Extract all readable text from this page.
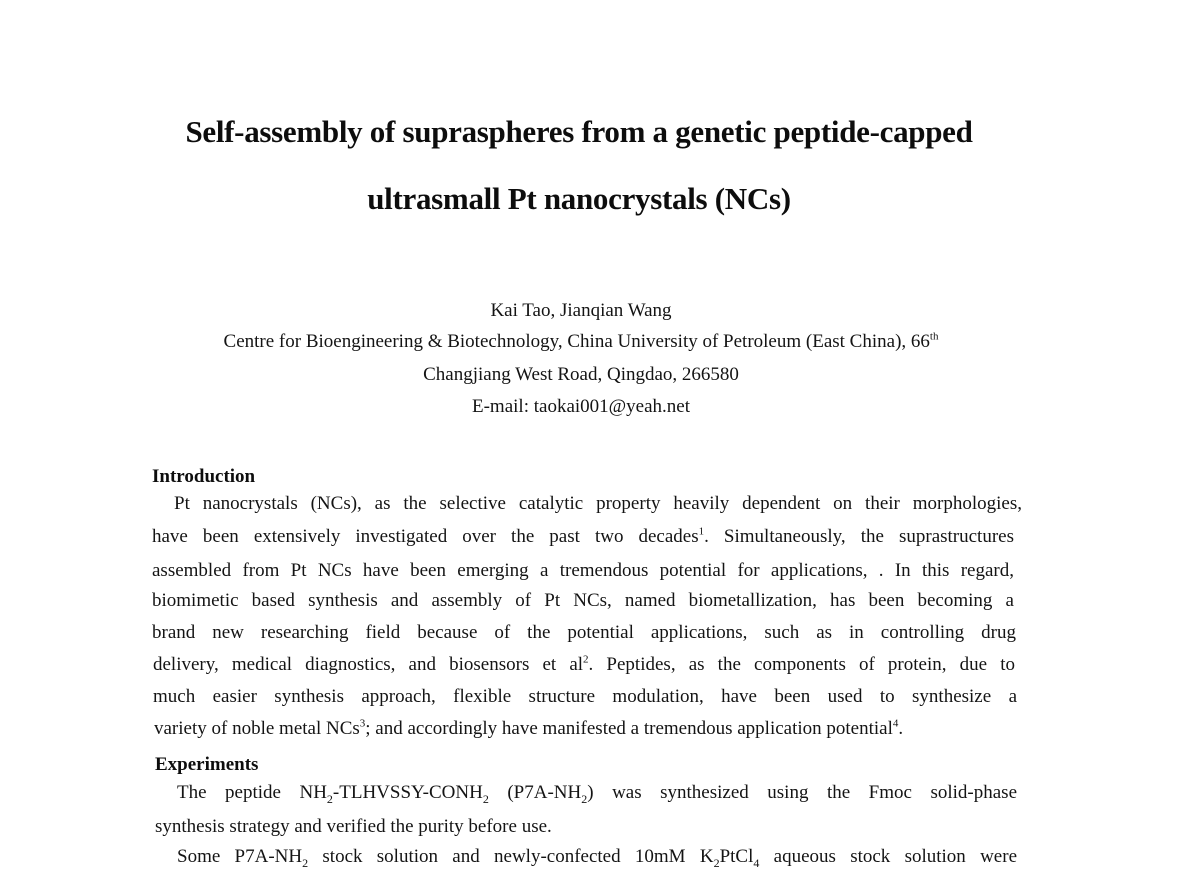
Self-assembly of supraspheres from a genetic peptide-capped
ultrasmall Pt nanocrystals (NCs)
Kai Tao, Jianqian Wang
Centre for Bioengineering & Biotechnology, China University of Petroleum (East China), 66th
Changjiang West Road, Qingdao, 266580
E-mail: taokai001@yeah.net
Introduction
Pt nanocrystals (NCs), as the selective catalytic property heavily dependent on their morphologies,
have been extensively investigated over the past two decades$^1$. Simultaneously, the suprastructures
assembled from Pt NCs have been emerging a tremendous potential for applications, . In this regard,
biomimetic based synthesis and assembly of Pt NCs, named biometallization, has been becoming a
brand new researching field because of the potential applications, such as in controlling drug
delivery, medical diagnostics, and biosensors et $al^2$. Peptides, as the components of protein, due to
much easier synthesis approach, flexible structure modulation, have been used to synthesize a
variety of noble metal NCs$^3$; and accordingly have manifested a tremendous application potential$^4$.
Experiments
The peptide $NH_2-TLHVSSY-CONH_2$ $(P7A-NH_2)$ was synthesized using the Fmoc solid-phase
synthesis strategy and verified the purity before use.
Some $P7A-NH_2$ stock solution and newly-confected 10mM $K_2PtCl_4$ aqueous stock solution were
